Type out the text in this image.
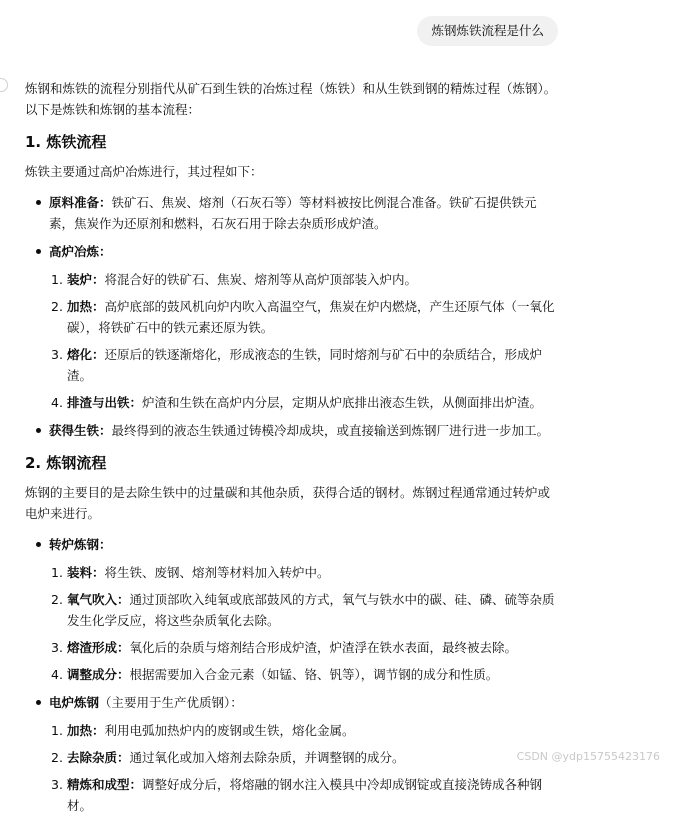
炼钢炼铁流程是什么

炼钢和炼铁的流程分别指代从矿石到生铁的冶炼过程（炼铁）和从生铁到钢的精炼过程（炼钢）。以下是炼铁和炼钢的基本流程：

1. 炼铁流程

炼铁主要通过高炉冶炼进行，其过程如下：

原料准备：铁矿石、焦炭、熔剂（石灰石等）等材料被按比例混合准备。铁矿石提供铁元素，焦炭作为还原剂和燃料，石灰石用于除去杂质形成炉渣。
高炉冶炼：
1. 装炉：将混合好的铁矿石、焦炭、熔剂等从高炉顶部装入炉内。
2. 加热：高炉底部的鼓风机向炉内吹入高温空气，焦炭在炉内燃烧，产生还原气体（一氧化碳），将铁矿石中的铁元素还原为铁。
3. 熔化：还原后的铁逐渐熔化，形成液态的生铁，同时熔剂与矿石中的杂质结合，形成炉渣。
4. 排渣与出铁：炉渣和生铁在高炉内分层，定期从炉底排出液态生铁，从侧面排出炉渣。
获得生铁：最终得到的液态生铁通过铸模冷却成块，或直接输送到炼钢厂进行进一步加工。
2. 炼钢流程

炼钢的主要目的是去除生铁中的过量碳和其他杂质，获得合适的钢材。炼钢过程通常通过转炉或电炉来进行。

转炉炼钢：
1. 装料：将生铁、废钢、熔剂等材料加入转炉中。
2. 氧气吹入：通过顶部吹入纯氧或底部鼓风的方式，氧气与铁水中的碳、硅、磷、硫等杂质发生化学反应，将这些杂质氧化去除。
3. 熔渣形成：氧化后的杂质与熔剂结合形成炉渣，炉渣浮在铁水表面，最终被去除。
4. 调整成分：根据需要加入合金元素（如锰、铬、钒等），调节钢的成分和性质。
电炉炼钢（主要用于生产优质钢）：
1. 加热：利用电弧加热炉内的废钢或生铁，熔化金属。
2. 去除杂质：通过氧化或加入熔剂去除杂质，并调整钢的成分。
3. 精炼和成型：调整好成分后，将熔融的钢水注入模具中冷却成钢锭或直接浇铸成各种钢材。
CSDN @ydp15755423176
